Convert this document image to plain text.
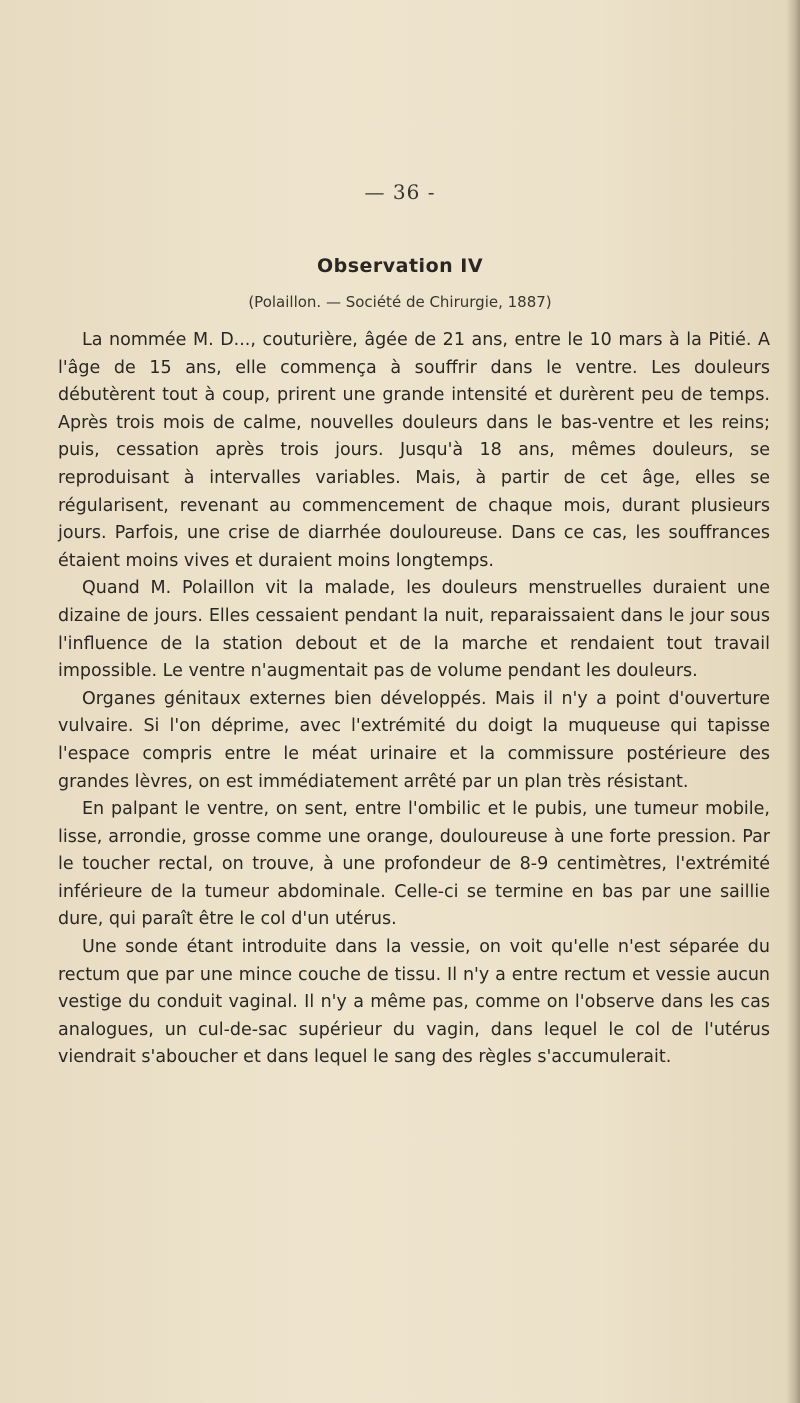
— 36 -
Observation IV
(Polaillon. — Société de Chirurgie, 1887)

La nommée M. D..., couturière, âgée de 21 ans, entre le 10 mars à la Pitié. A l'âge de 15 ans, elle commença à souffrir dans le ventre. Les douleurs débutèrent tout à coup, prirent une grande intensité et durèrent peu de temps. Après trois mois de calme, nouvelles douleurs dans le bas-ventre et les reins; puis, cessation après trois jours. Jusqu'à 18 ans, mêmes douleurs, se reproduisant à intervalles variables. Mais, à partir de cet âge, elles se régularisent, revenant au commencement de chaque mois, durant plusieurs jours. Parfois, une crise de diarrhée douloureuse. Dans ce cas, les souffrances étaient moins vives et duraient moins longtemps.

Quand M. Polaillon vit la malade, les douleurs menstruelles duraient une dizaine de jours. Elles cessaient pendant la nuit, reparaissaient dans le jour sous l'influence de la station debout et de la marche et rendaient tout travail impossible. Le ventre n'augmentait pas de volume pendant les douleurs.

Organes génitaux externes bien développés. Mais il n'y a point d'ouverture vulvaire. Si l'on déprime, avec l'extrémité du doigt la muqueuse qui tapisse l'espace compris entre le méat urinaire et la commissure postérieure des grandes lèvres, on est immédiatement arrêté par un plan très résistant.

En palpant le ventre, on sent, entre l'ombilic et le pubis, une tumeur mobile, lisse, arrondie, grosse comme une orange, douloureuse à une forte pression. Par le toucher rectal, on trouve, à une profondeur de 8-9 centimètres, l'extrémité inférieure de la tumeur abdominale. Celle-ci se termine en bas par une saillie dure, qui paraît être le col d'un utérus.

Une sonde étant introduite dans la vessie, on voit qu'elle n'est séparée du rectum que par une mince couche de tissu. Il n'y a entre rectum et vessie aucun vestige du conduit vaginal. Il n'y a même pas, comme on l'observe dans les cas analogues, un cul-de-sac supérieur du vagin, dans lequel le col de l'utérus viendrait s'aboucher et dans lequel le sang des règles s'accumulerait.
